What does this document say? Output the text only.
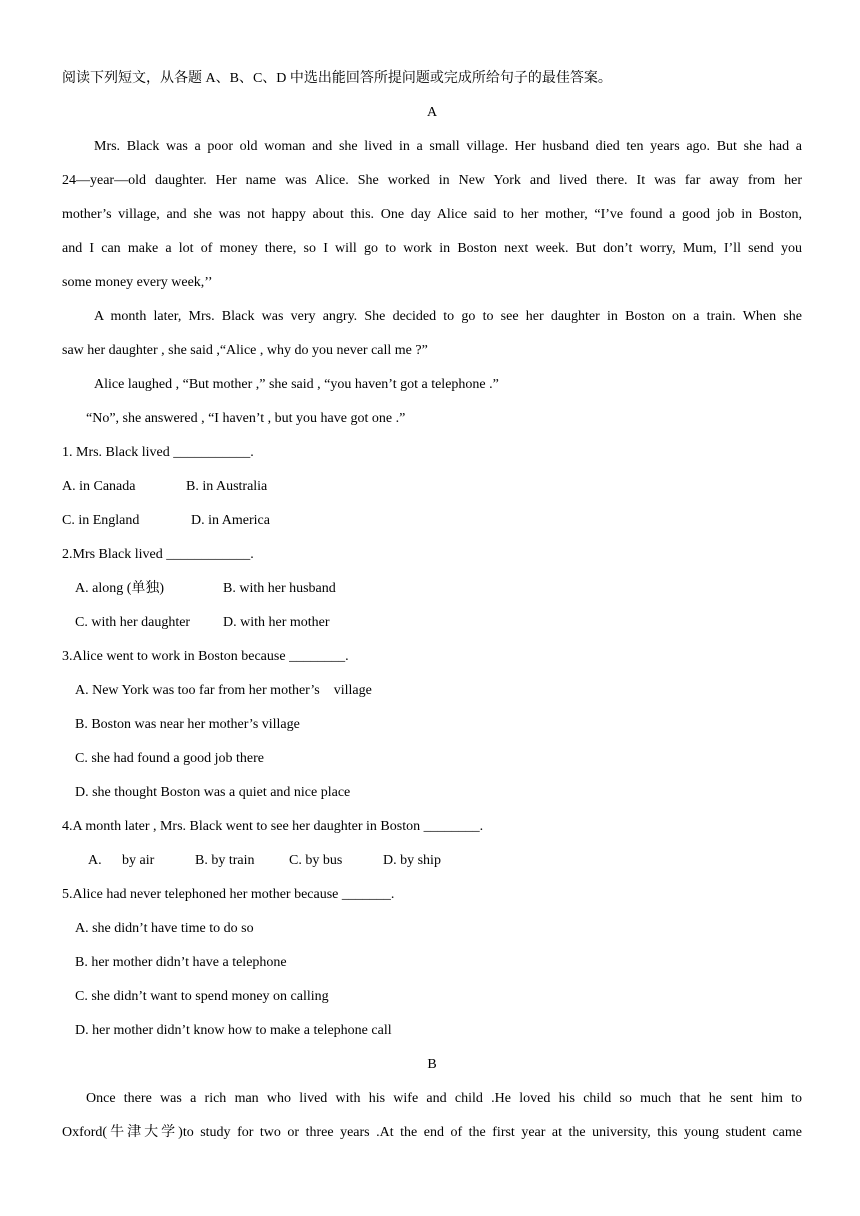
阅读下列短文，从各题 A、B、C、D 中选出能回答所提问题或完成所给句子的最佳答案。
A
Mrs. Black was a poor old woman and she lived in a small village. Her husband died ten years ago. But she had a
24—year—old daughter. Her name was Alice. She worked in New York and lived there. It was far away from her
mother’s village, and she was not happy about this. One day Alice said to her mother, “I’ve found a good job in Boston,
and I can make a lot of money there, so I will go to work in Boston next week. But don’t worry, Mum, I’ll send you
some money every week,’’
A month later, Mrs. Black was very angry. She decided to go to see her daughter in Boston on a train. When she
saw her daughter , she said ,“Alice , why do you never call me ?”
Alice laughed , “But mother ,” she said , “you haven’t got a telephone .”
“No”, she answered , “I haven’t , but you have got one .”
1. Mrs. Black lived ___________.
A. in Canada	B. in Australia
C. in England	D. in America
2.Mrs Black lived ____________.
A. along (单独)	B. with her husband
C. with her daughter D. with her mother
3.Alice went to work in Boston because ________.
A. New York was too far from her mother’s    village
B. Boston was near her mother’s village
C. she had found a good job there
D. she thought Boston was a quiet and nice place
4.A month later , Mrs. Black went to see her daughter in Boston ________.
A. by air	B. by train C. by bus	D. by ship
5.Alice had never telephoned her mother because _______.
A. she didn’t have time to do so
B. her mother didn’t have a telephone
C. she didn’t want to spend money on calling
D. her mother didn’t know how to make a telephone call
B
Once there was a rich man who lived with his wife and child .He loved his child so much that he sent him to
Oxford(牛津大学)to study for two or three years .At the end of the first year at the university, this young student came
